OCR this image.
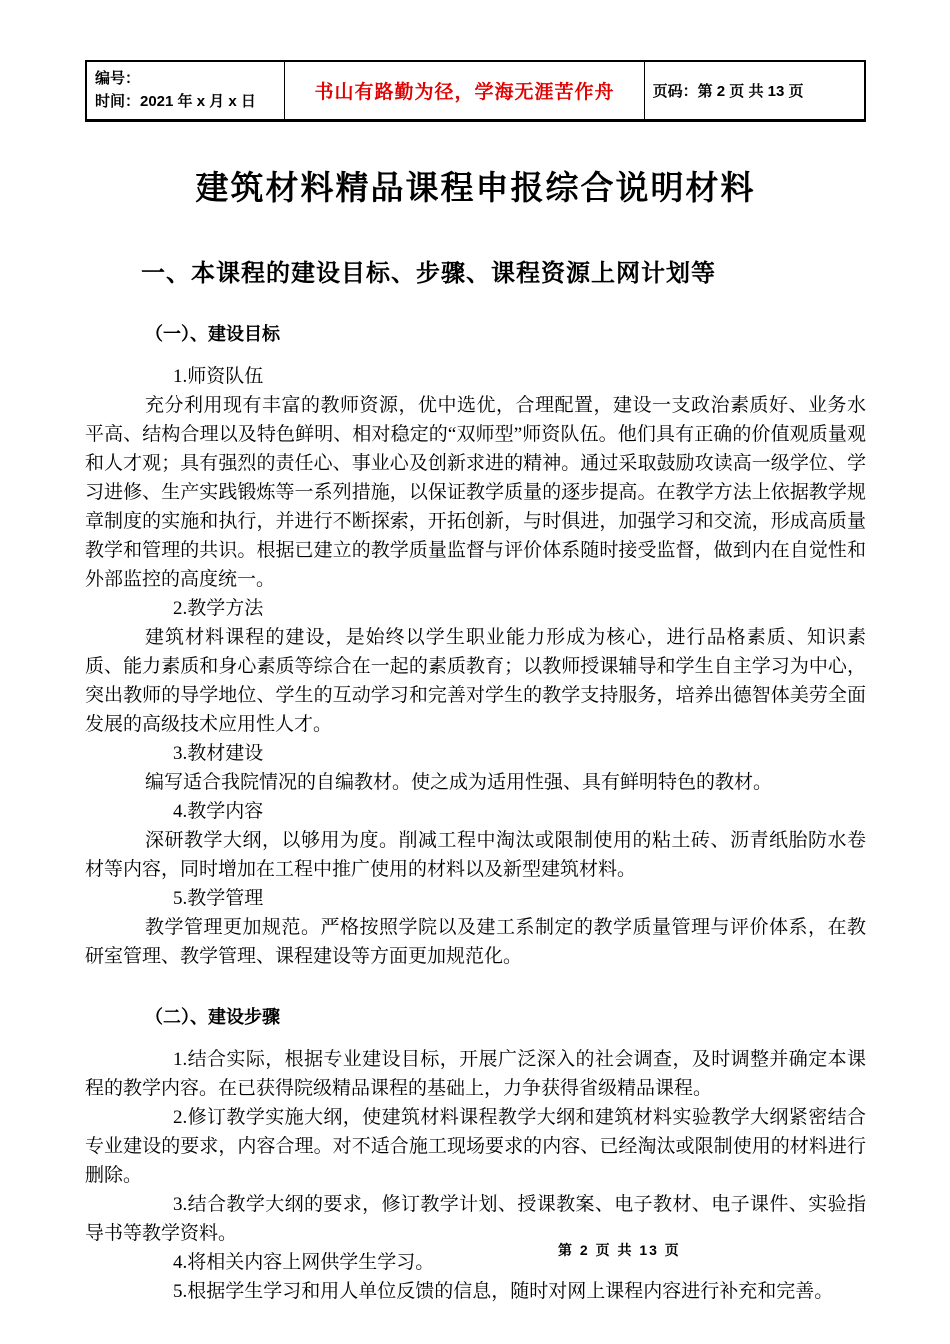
编号：
时间：2021 年 x 月 x 日	书山有路勤为径，学海无涯苦作舟	页码：第 2 页 共 13 页
建筑材料精品课程申报综合说明材料
一、本课程的建设目标、步骤、课程资源上网计划等
（一）、建设目标

1.师资队伍

充分利用现有丰富的教师资源，优中选优，合理配置，建设一支政治素质好、业务水平高、结构合理以及特色鲜明、相对稳定的“双师型”师资队伍。他们具有正确的价值观质量观和人才观；具有强烈的责任心、事业心及创新求进的精神。通过采取鼓励攻读高一级学位、学习进修、生产实践锻炼等一系列措施，以保证教学质量的逐步提高。在教学方法上依据教学规章制度的实施和执行，并进行不断探索，开拓创新，与时俱进，加强学习和交流，形成高质量教学和管理的共识。根据已建立的教学质量监督与评价体系随时接受监督，做到内在自觉性和外部监控的高度统一。

2.教学方法

建筑材料课程的建设，是始终以学生职业能力形成为核心，进行品格素质、知识素质、能力素质和身心素质等综合在一起的素质教育；以教师授课辅导和学生自主学习为中心，突出教师的导学地位、学生的互动学习和完善对学生的教学支持服务，培养出德智体美劳全面发展的高级技术应用性人才。

3.教材建设

编写适合我院情况的自编教材。使之成为适用性强、具有鲜明特色的教材。

4.教学内容

深研教学大纲，以够用为度。削减工程中淘汰或限制使用的粘土砖、沥青纸胎防水卷材等内容，同时增加在工程中推广使用的材料以及新型建筑材料。

5.教学管理

教学管理更加规范。严格按照学院以及建工系制定的教学质量管理与评价体系，在教研室管理、教学管理、课程建设等方面更加规范化。

（二）、建设步骤

1.结合实际，根据专业建设目标，开展广泛深入的社会调查，及时调整并确定本课程的教学内容。在已获得院级精品课程的基础上，力争获得省级精品课程。

2.修订教学实施大纲，使建筑材料课程教学大纲和建筑材料实验教学大纲紧密结合专业建设的要求，内容合理。对不适合施工现场要求的内容、已经淘汰或限制使用的材料进行删除。

3.结合教学大纲的要求，修订教学计划、授课教案、电子教材、电子课件、实验指导书等教学资料。

4.将相关内容上网供学生学习。

5.根据学生学习和用人单位反馈的信息，随时对网上课程内容进行补充和完善。

第 2 页 共 13 页
